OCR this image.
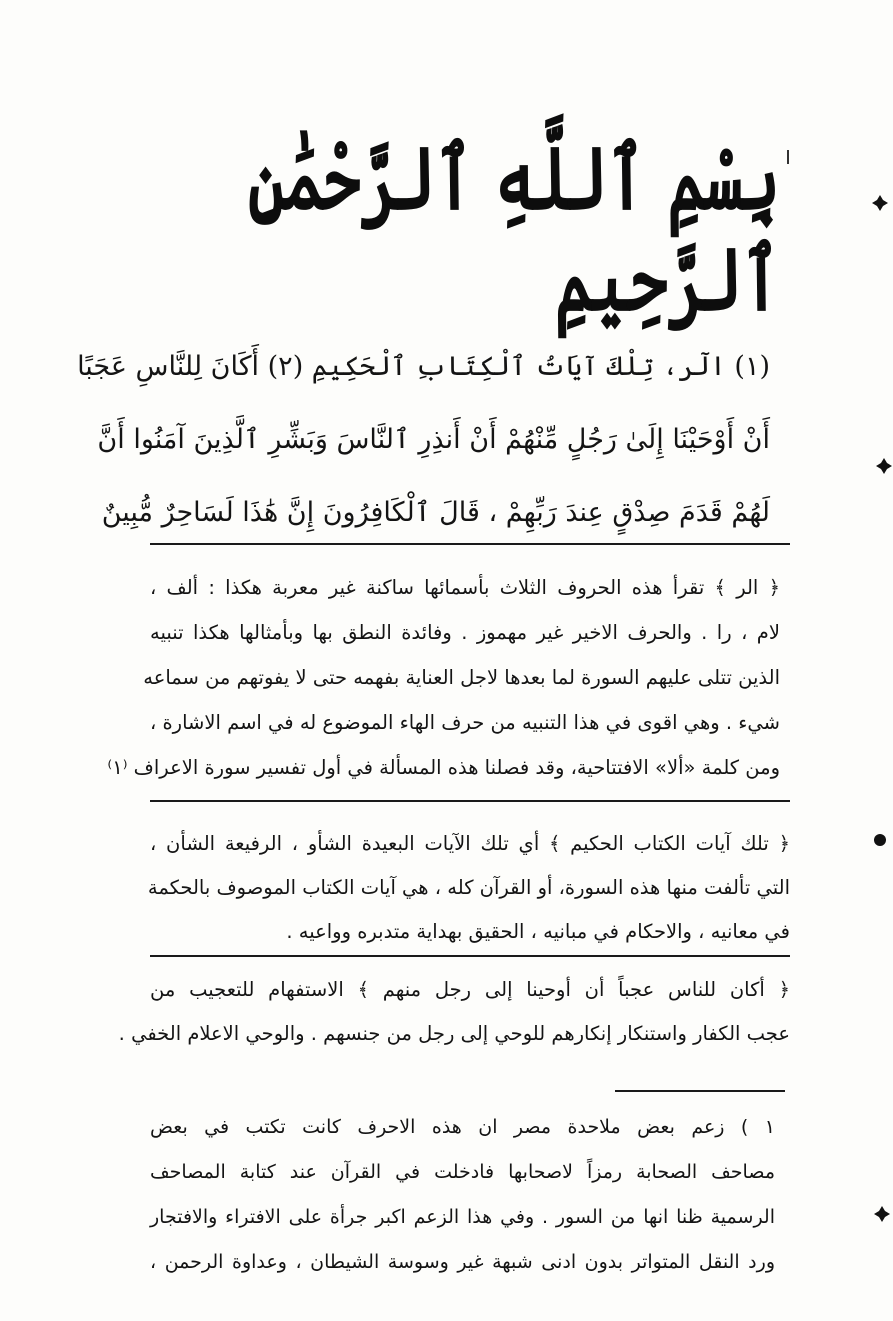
بِسْمِ ٱللَّهِ ٱلرَّحْمَٰنِ ٱلرَّحِيمِ
(١) الٓر، تِلْكَ آيَاتُ ٱلْكِتَابِ ٱلْحَكِيمِ (٢) أَكَانَ لِلنَّاسِ عَجَبًا
أَنْ أَوْحَيْنَا إِلَىٰ رَجُلٍ مِّنْهُمْ أَنْ أَنذِرِ ٱلنَّاسَ وَبَشِّرِ ٱلَّذِينَ آمَنُوا أَنَّ
لَهُمْ قَدَمَ صِدْقٍ عِندَ رَبِّهِمْ ، قَالَ ٱلْكَافِرُونَ إِنَّ هَٰذَا لَسَاحِرٌ مُّبِينٌ
﴿ الر ﴾ تقرأ هذه الحروف الثلاث بأسمائها ساكنة غير معربة هكذا : ألف ،
لام ، را . والحرف الاخير غير مهموز . وفائدة النطق بها وبأمثالها هكذا تنبيه
الذين تتلى عليهم السورة لما بعدها لاجل العناية بفهمه حتى لا يفوتهم من سماعه
شيء . وهي اقوى في هذا التنبيه من حرف الهاء الموضوع له في اسم الاشارة ،
ومن كلمة «ألا» الافتتاحية، وقد فصلنا هذه المسألة في أول تفسير سورة الاعراف ⁽١⁾
﴿ تلك آيات الكتاب الحكيم ﴾ أي تلك الآيات البعيدة الشأو ، الرفيعة الشأن ،
التي تألفت منها هذه السورة، أو القرآن كله ، هي آيات الكتاب الموصوف بالحكمة
في معانيه ، والاحكام في مبانيه ، الحقيق بهداية متدبره وواعيه .
﴿ أكان للناس عجباً أن أوحينا إلى رجل منهم ﴾ الاستفهام للتعجيب من
عجب الكفار واستنكار إنكارهم للوحي إلى رجل من جنسهم . والوحي الاعلام الخفي .
١ ) زعم بعض ملاحدة مصر ان هذه الاحرف كانت تكتب في بعض
مصاحف الصحابة رمزاً لاصحابها فادخلت في القرآن عند كتابة المصاحف
الرسمية ظنا انها من السور . وفي هذا الزعم اكبر جرأة على الافتراء والافتجار
ورد النقل المتواتر بدون ادنى شبهة غير وسوسة الشيطان ، وعداوة الرحمن ،
